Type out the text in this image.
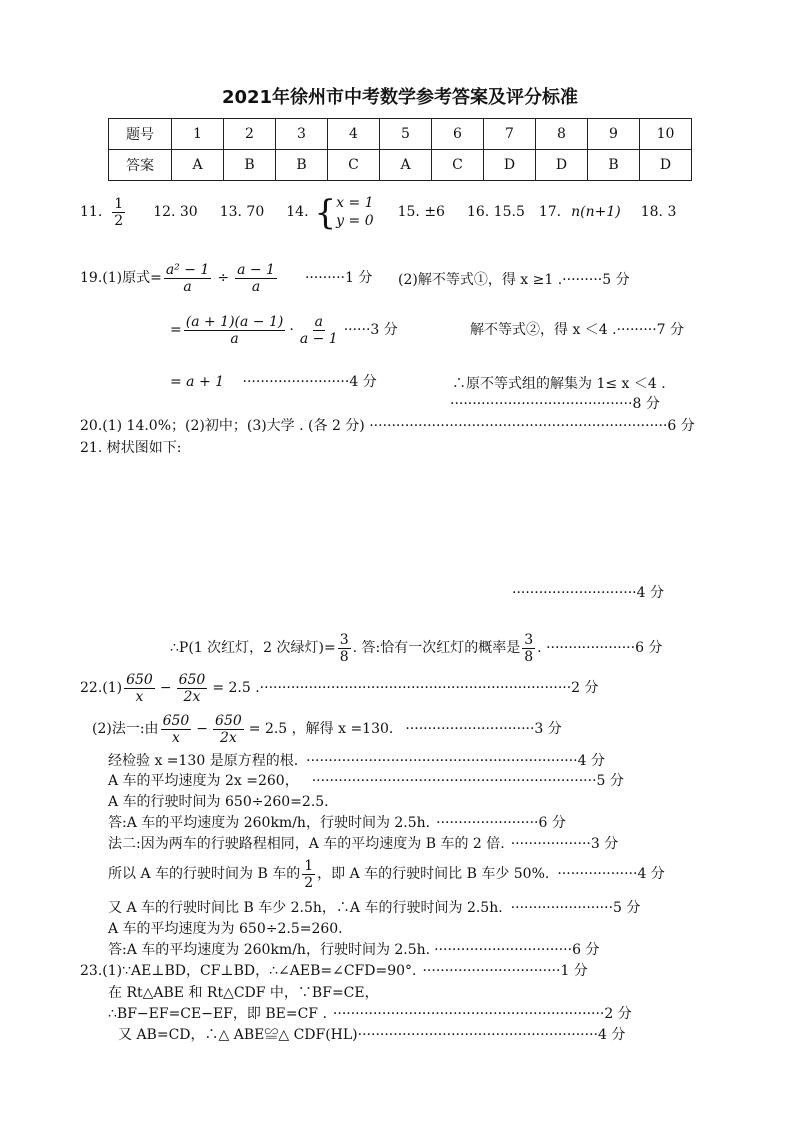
2021年徐州市中考数学参考答案及评分标准
题号	1	2	3	4	5	6	7	8	9	10
答案	A	B	B	C	A	C	D	D	B	D
11. $\frac{1}{2} 12$. 30 13. 70 14. { x = 1
y = 0
15. ±6 16. 15.5 17. n(n+1) 18. 3
19.(1)原式= $\frac{\text{a² − 1}}{a} \div \frac{a - 1}{a} \cdot\cdot\cdot\cdot\cdot\cdot\cdot\cdot\cdot 1$ 分
= $\frac{(a + 1)(a - 1)}{a} \cdot \frac{a}{a - 1} \cdot\cdot\cdot\cdot\cdot\cdot 3$ 分
= a + 1 ························4 分
(2)解不等式①，得 x ≥1 .·········5 分
解不等式②，得 x ＜4 .·········7 分
∴原不等式组的解集为 1≤ x ＜4 .
·········································8 分
20.(1) 14.0%；(2)初中；(3)大学 . (各 2 分) ···································································6 分
21. 树状图如下:
····························4 分
∴P(1 次红灯，2 次绿灯)= $\frac{3}{8}$ . 答:恰有一次红灯的概率是 $\frac{3}{8}$ . ····················6 分
$22.(1) \frac{650}{x} - \frac{650}{2x} = 2.5$ . ······································································2 分
(2)法一:由 $\frac{650}{x} - \frac{650}{2x} = 2.5$ ，解得 x =130. ·····························3 分
经检验 x =130 是原方程的根. ·····························································4 分
A 车的平均速度为 2x =260， ································································5 分
A 车的行驶时间为 650÷260=2.5.
答:A 车的平均速度为 260km/h，行驶时间为 2.5h. ·······················6 分
法二:因为两车的行驶路程相同，A 车的平均速度为 B 车的 2 倍. ··················3 分
所以 A 车的行驶时间为 B 车的 $\frac{1}{2}$ ，即 A 车的行驶时间比 B 车少 50%. ··················4 分
又 A 车的行驶时间比 B 车少 2.5h，∴A 车的行驶时间为 2.5h. ·······················5 分
A 车的平均速度为为 650÷2.5=260.
答:A 车的平均速度为 260km/h，行驶时间为 2.5h. ·······························6 分
23.(1)∵AE⊥BD，CF⊥BD，∴∠AEB=∠CFD=90°. ·······························1 分
在 Rt△ABE 和 Rt△CDF 中，∵BF=CE，
∴BF−EF=CE−EF，即 BE=CF . ·····························································2 分
又 AB=CD，∴△ ABE≌△ CDF(HL)······················································4 分
